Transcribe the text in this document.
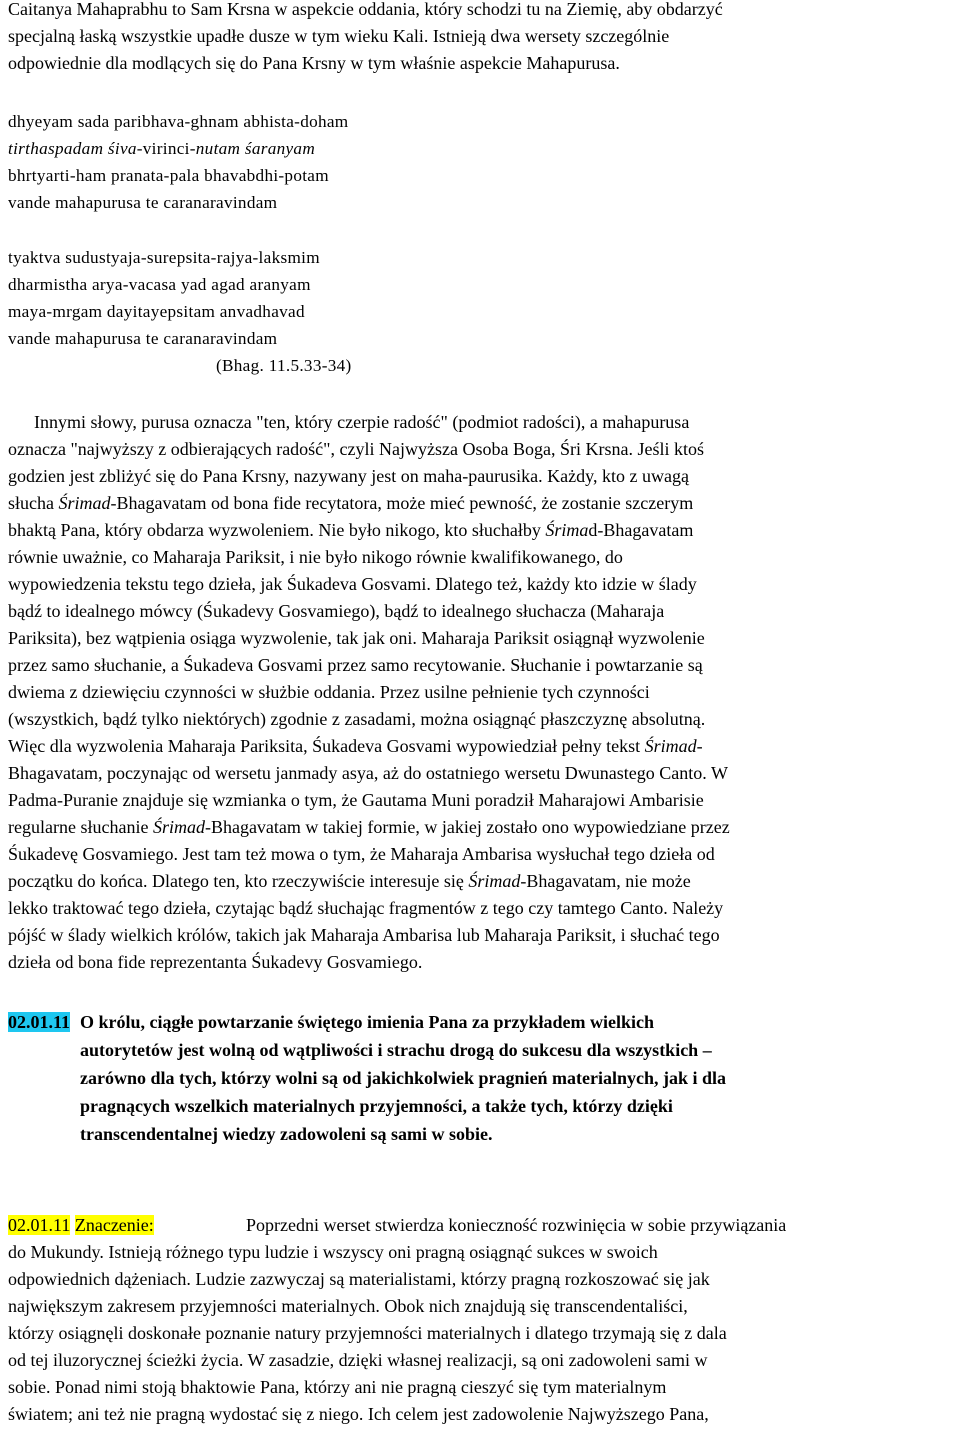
Caitanya Mahaprabhu to Sam Krsna w aspekcie oddania, który schodzi tu na Ziemię, aby obdarzyć
specjalną łaską wszystkie upadłe dusze w tym wieku Kali. Istnieją dwa wersety szczególnie
odpowiednie dla modlących się do Pana Krsny w tym właśnie aspekcie Mahapurusa.
dhyeyam sada paribhava-ghnam abhista-doham
tirthaspadam śiva-virinci-nutam śaranyam
bhrtyarti-ham pranata-pala bhavabdhi-potam
vande mahapurusa te caranaravindam
tyaktva sudustyaja-surepsita-rajya-laksmim
dharmistha arya-vacasa yad agad aranyam
maya-mrgam dayitayepsitam anvadhavad
vande mahapurusa te caranaravindam
(Bhag. 11.5.33-34)
Innymi słowy, purusa oznacza "ten, który czerpie radość" (podmiot radości), a mahapurusa
oznacza "najwyższy z odbierających radość", czyli Najwyższa Osoba Boga, Śri Krsna. Jeśli ktoś
godzien jest zbliżyć się do Pana Krsny, nazywany jest on maha-paurusika. Każdy, kto z uwagą
słucha Śrimad-Bhagavatam od bona fide recytatora, może mieć pewność, że zostanie szczerym
bhaktą Pana, który obdarza wyzwoleniem. Nie było nikogo, kto słuchałby Śrimad-Bhagavatam
równie uważnie, co Maharaja Pariksit, i nie było nikogo równie kwalifikowanego, do
wypowiedzenia tekstu tego dzieła, jak Śukadeva Gosvami. Dlatego też, każdy kto idzie w ślady
bądź to idealnego mówcy (Śukadevy Gosvamiego), bądź to idealnego słuchacza (Maharaja
Pariksita), bez wątpienia osiąga wyzwolenie, tak jak oni. Maharaja Pariksit osiągnął wyzwolenie
przez samo słuchanie, a Śukadeva Gosvami przez samo recytowanie. Słuchanie i powtarzanie są
dwiema z dziewięciu czynności w służbie oddania. Przez usilne pełnienie tych czynności
(wszystkich, bądź tylko niektórych) zgodnie z zasadami, można osiągnąć płaszczyznę absolutną.
Więc dla wyzwolenia Maharaja Pariksita, Śukadeva Gosvami wypowiedział pełny tekst Śrimad-
Bhagavatam, poczynając od wersetu janmady asya, aż do ostatniego wersetu Dwunastego Canto. W
Padma-Puranie znajduje się wzmianka o tym, że Gautama Muni poradził Maharajowi Ambarisie
regularne słuchanie Śrimad-Bhagavatam w takiej formie, w jakiej zostało ono wypowiedziane przez
Śukadevę Gosvamiego. Jest tam też mowa o tym, że Maharaja Ambarisa wysłuchał tego dzieła od
początku do końca. Dlatego ten, kto rzeczywiście interesuje się Śrimad-Bhagavatam, nie może
lekko traktować tego dzieła, czytając bądź słuchając fragmentów z tego czy tamtego Canto. Należy
pójść w ślady wielkich królów, takich jak Maharaja Ambarisa lub Maharaja Pariksit, i słuchać tego
dzieła od bona fide reprezentanta Śukadevy Gosvamiego.
02.01.11 O królu, ciągłe powtarzanie świętego imienia Pana za przykładem wielkich
autorytetów jest wolną od wątpliwości i strachu drogą do sukcesu dla wszystkich –
zarówno dla tych, którzy wolni są od jakichkolwiek pragnień materialnych, jak i dla
pragnących wszelkich materialnych przyjemności, a także tych, którzy dzięki
transcendentalnej wiedzy zadowoleni są sami w sobie.
02.01.11 Znaczenie:	Poprzedni werset stwierdza konieczność rozwinięcia w sobie przywiązania
do Mukundy. Istnieją różnego typu ludzie i wszyscy oni pragną osiągnąć sukces w swoich
odpowiednich dążeniach. Ludzie zazwyczaj są materialistami, którzy pragną rozkoszować się jak
największym zakresem przyjemności materialnych. Obok nich znajdują się transcendentaliści,
którzy osiągnęli doskonałe poznanie natury przyjemności materialnych i dlatego trzymają się z dala
od tej iluzorycznej ścieżki życia. W zasadzie, dzięki własnej realizacji, są oni zadowoleni sami w
sobie. Ponad nimi stoją bhaktowie Pana, którzy ani nie pragną cieszyć się tym materialnym
światem; ani też nie pragną wydostać się z niego. Ich celem jest zadowolenie Najwyższego Pana,
